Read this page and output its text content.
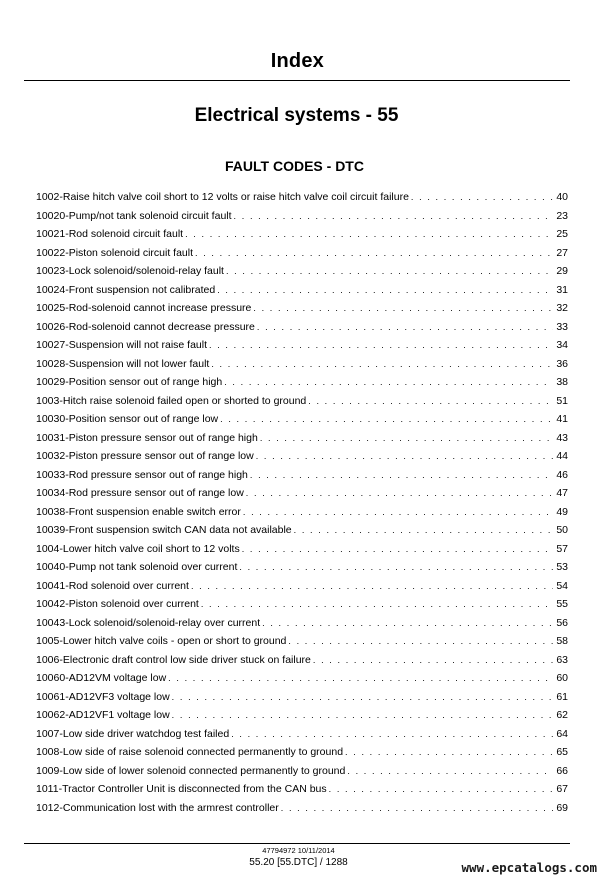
Index
Electrical systems - 55
FAULT CODES - DTC
1002-Raise hitch valve coil short to 12 volts or raise hitch valve coil circuit failure . . .	40
10020-Pump/not tank solenoid circuit fault . . .	23
10021-Rod solenoid circuit fault . . .	25
10022-Piston solenoid circuit fault . . .	27
10023-Lock solenoid/solenoid-relay fault . . .	29
10024-Front suspension not calibrated . . .	31
10025-Rod-solenoid cannot increase pressure . . .	32
10026-Rod-solenoid cannot decrease pressure . . .	33
10027-Suspension will not raise fault . . .	34
10028-Suspension will not lower fault . . .	36
10029-Position sensor out of range high . . .	38
1003-Hitch raise solenoid failed open or shorted to ground . . .	51
10030-Position sensor out of range low . . .	41
10031-Piston pressure sensor out of range high . . .	43
10032-Piston pressure sensor out of range low . . .	44
10033-Rod pressure sensor out of range high . . .	46
10034-Rod pressure sensor out of range low . . .	47
10038-Front suspension enable switch error . . .	49
10039-Front suspension switch CAN data not available . . .	50
1004-Lower hitch valve coil short to 12 volts . . .	57
10040-Pump not tank solenoid over current . . .	53
10041-Rod solenoid over current . . .	54
10042-Piston solenoid over current . . .	55
10043-Lock solenoid/solenoid-relay over current . . .	56
1005-Lower hitch valve coils - open or short to ground . . .	58
1006-Electronic draft control low side driver stuck on failure . . .	63
10060-AD12VM voltage low . . .	60
10061-AD12VF3 voltage low . . .	61
10062-AD12VF1 voltage low . . .	62
1007-Low side driver watchdog test failed . . .	64
1008-Low side of raise solenoid connected permanently to ground . . .	65
1009-Low side of lower solenoid connected permanently to ground . . .	66
1011-Tractor Controller Unit is disconnected from the CAN bus . . .	67
1012-Communication lost with the armrest controller . . .	69
47794972 10/11/2014
55.20 [55.DTC] / 1288	www.epcatalogs.com
